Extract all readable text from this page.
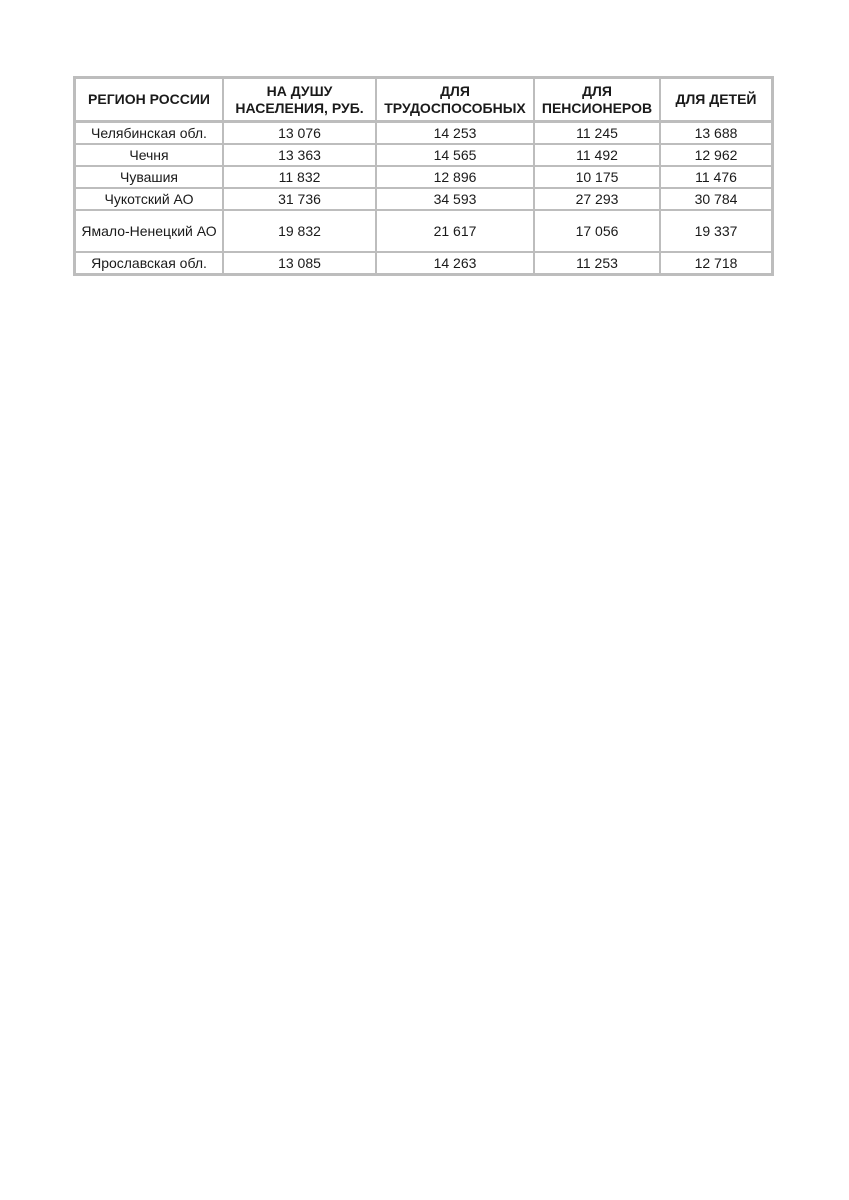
РЕГИОН РОССИИ	НА ДУШУ НАСЕЛЕНИЯ, РУБ.	ДЛЯ ТРУДОСПОСОБНЫХ	ДЛЯ ПЕНСИОНЕРОВ	ДЛЯ ДЕТЕЙ
Челябинская обл.	13 076	14 253	11 245	13 688
Чечня	13 363	14 565	11 492	12 962
Чувашия	11 832	12 896	10 175	11 476
Чукотский АО	31 736	34 593	27 293	30 784
Ямало-Ненецкий АО	19 832	21 617	17 056	19 337
Ярославская обл.	13 085	14 263	11 253	12 718
